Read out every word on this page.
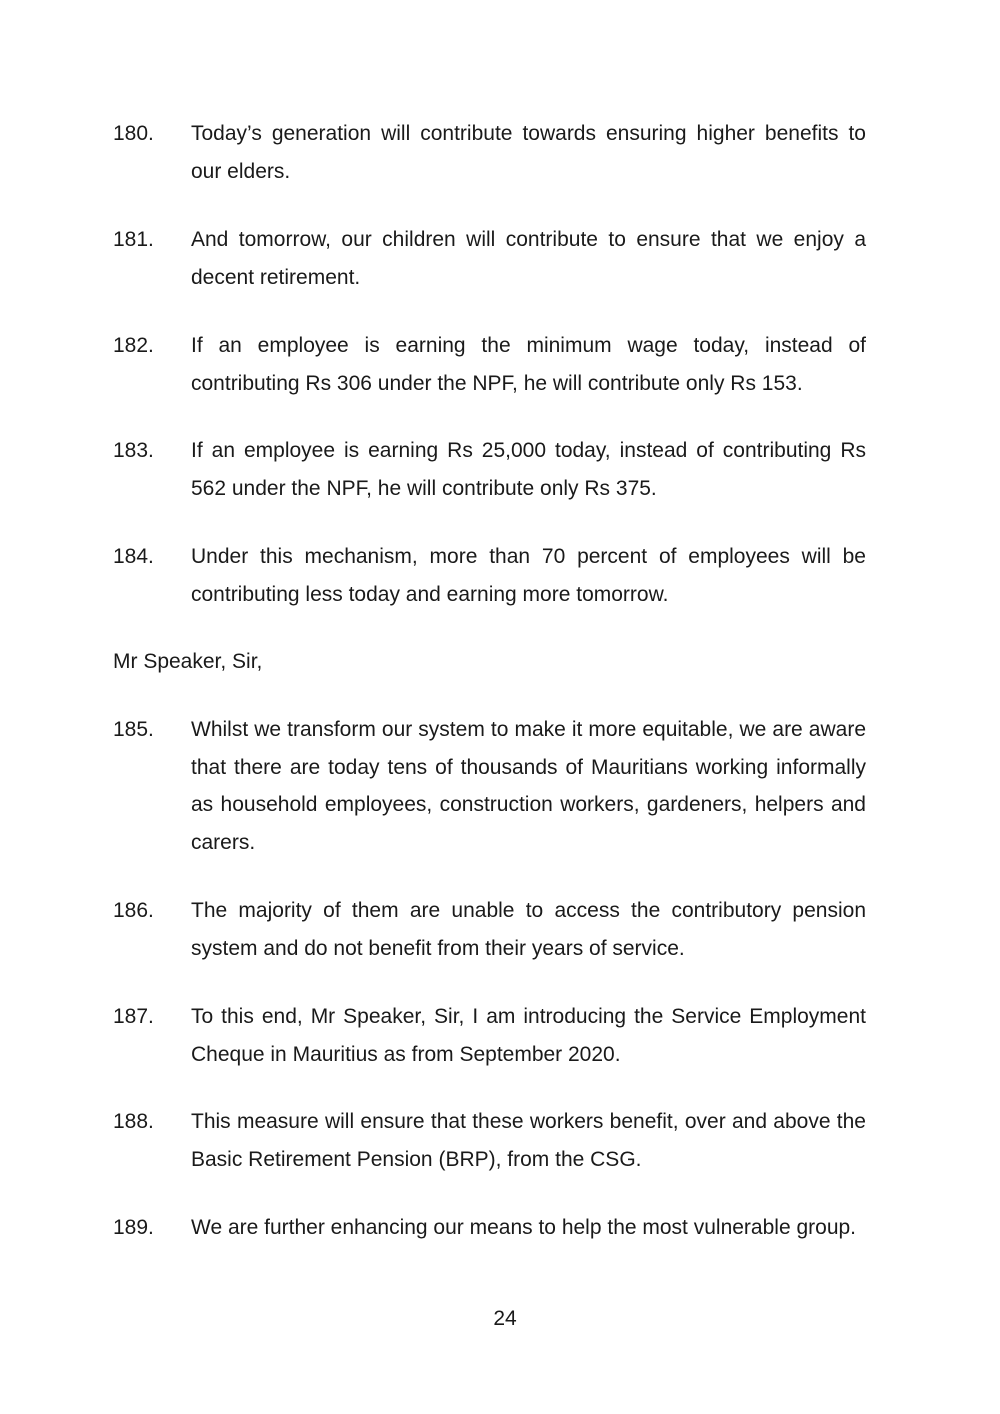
180.	Today’s generation will contribute towards ensuring higher benefits to our elders.
181.	And tomorrow, our children will contribute to ensure that we enjoy a decent retirement.
182.	If an employee is earning the minimum wage today, instead of contributing Rs 306 under the NPF, he will contribute only Rs 153.
183.	If an employee is earning Rs 25,000 today, instead of contributing Rs 562 under the NPF, he will contribute only Rs 375.
184.	Under this mechanism, more than 70 percent of employees will be contributing less today and earning more tomorrow.
Mr Speaker, Sir,
185.	Whilst we transform our system to make it more equitable, we are aware that there are today tens of thousands of Mauritians working informally as household employees, construction workers, gardeners, helpers and carers.
186.	The majority of them are unable to access the contributory pension system and do not benefit from their years of service.
187.	To this end, Mr Speaker, Sir, I am introducing the Service Employment Cheque in Mauritius as from September 2020.
188.	This measure will ensure that these workers benefit, over and above the Basic Retirement Pension (BRP), from the CSG.
189.	We are further enhancing our means to help the most vulnerable group.
24
